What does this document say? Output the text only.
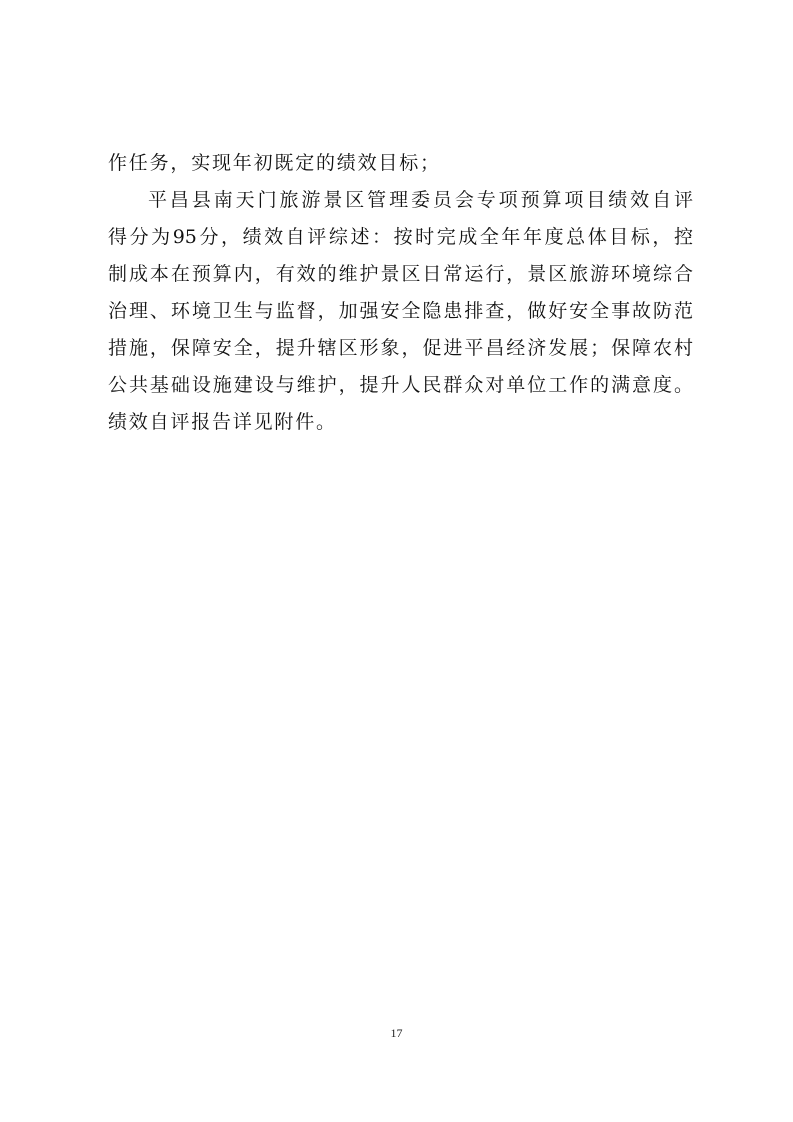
作任务，实现年初既定的绩效目标；
平昌县南天门旅游景区管理委员会专项预算项目绩效自评
得分为95分，绩效自评综述：按时完成全年年度总体目标，控
制成本在预算内，有效的维护景区日常运行，景区旅游环境综合
治理、环境卫生与监督，加强安全隐患排查，做好安全事故防范
措施，保障安全，提升辖区形象，促进平昌经济发展；保障农村
公共基础设施建设与维护，提升人民群众对单位工作的满意度。
绩效自评报告详见附件。
17
